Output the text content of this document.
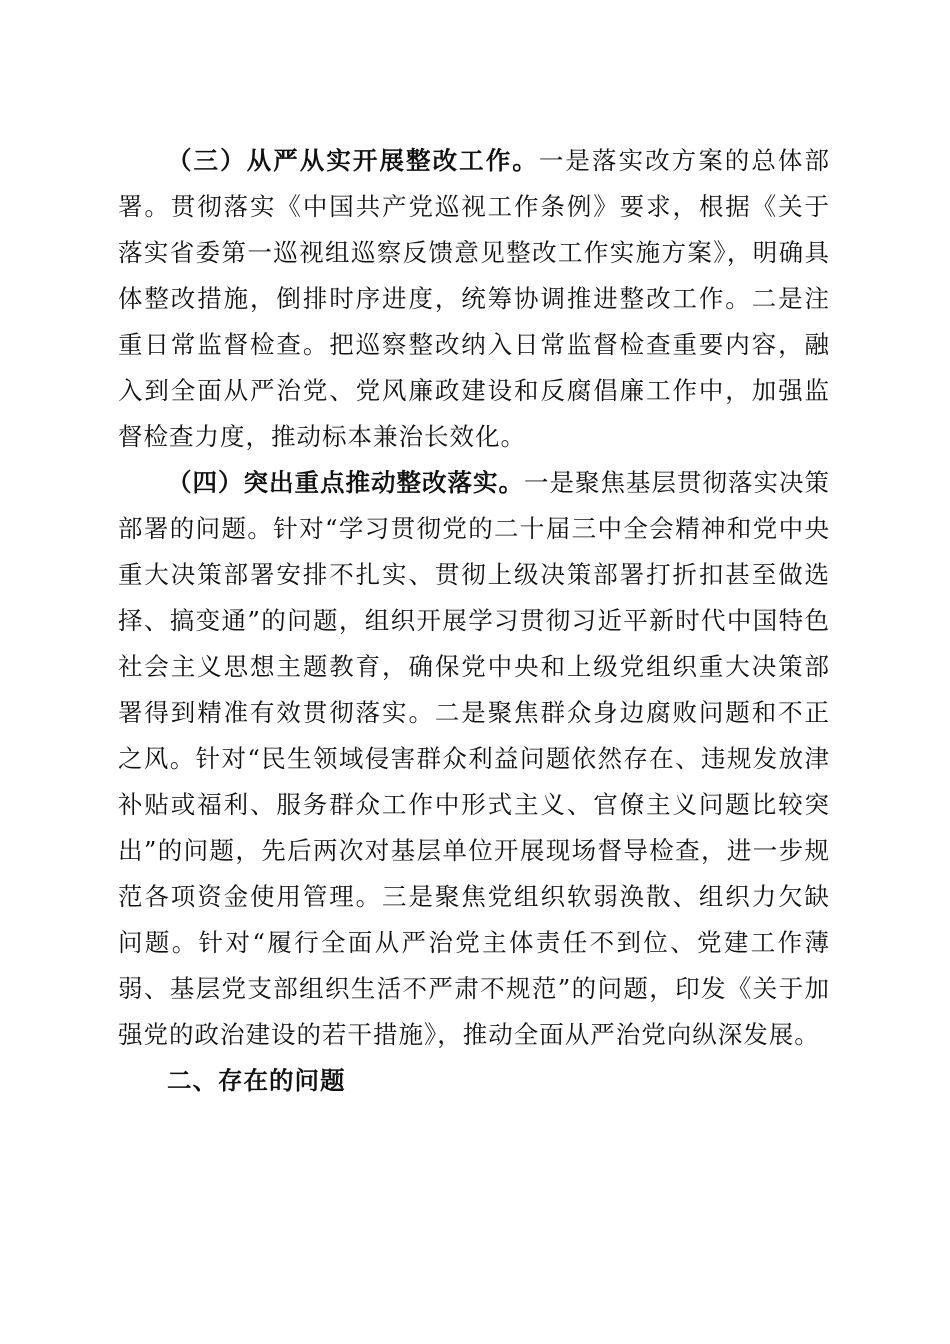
（三）从严从实开展整改工作。一是落实改方案的总体部署。贯彻落实《中国共产党巡视工作条例》要求，根据《关于落实省委第一巡视组巡察反馈意见整改工作实施方案》，明确具体整改措施，倒排时序进度，统筹协调推进整改工作。二是注重日常监督检查。把巡察整改纳入日常监督检查重要内容，融入到全面从严治党、党风廉政建设和反腐倡廉工作中，加强监督检查力度，推动标本兼治长效化。

（四）突出重点推动整改落实。一是聚焦基层贯彻落实决策部署的问题。针对“学习贯彻党的二十届三中全会精神和党中央重大决策部署安排不扎实、贯彻上级决策部署打折扣甚至做选择、搞变通”的问题，组织开展学习贯彻习近平新时代中国特色社会主义思想主题教育，确保党中央和上级党组织重大决策部署得到精准有效贯彻落实。二是聚焦群众身边腐败问题和不正之风。针对“民生领域侵害群众利益问题依然存在、违规发放津补贴或福利、服务群众工作中形式主义、官僚主义问题比较突出”的问题，先后两次对基层单位开展现场督导检查，进一步规范各项资金使用管理。三是聚焦党组织软弱涣散、组织力欠缺问题。针对“履行全面从严治党主体责任不到位、党建工作薄弱、基层党支部组织生活不严肃不规范”的问题，印发《关于加强党的政治建设的若干措施》，推动全面从严治党向纵深发展。

二、存在的问题
